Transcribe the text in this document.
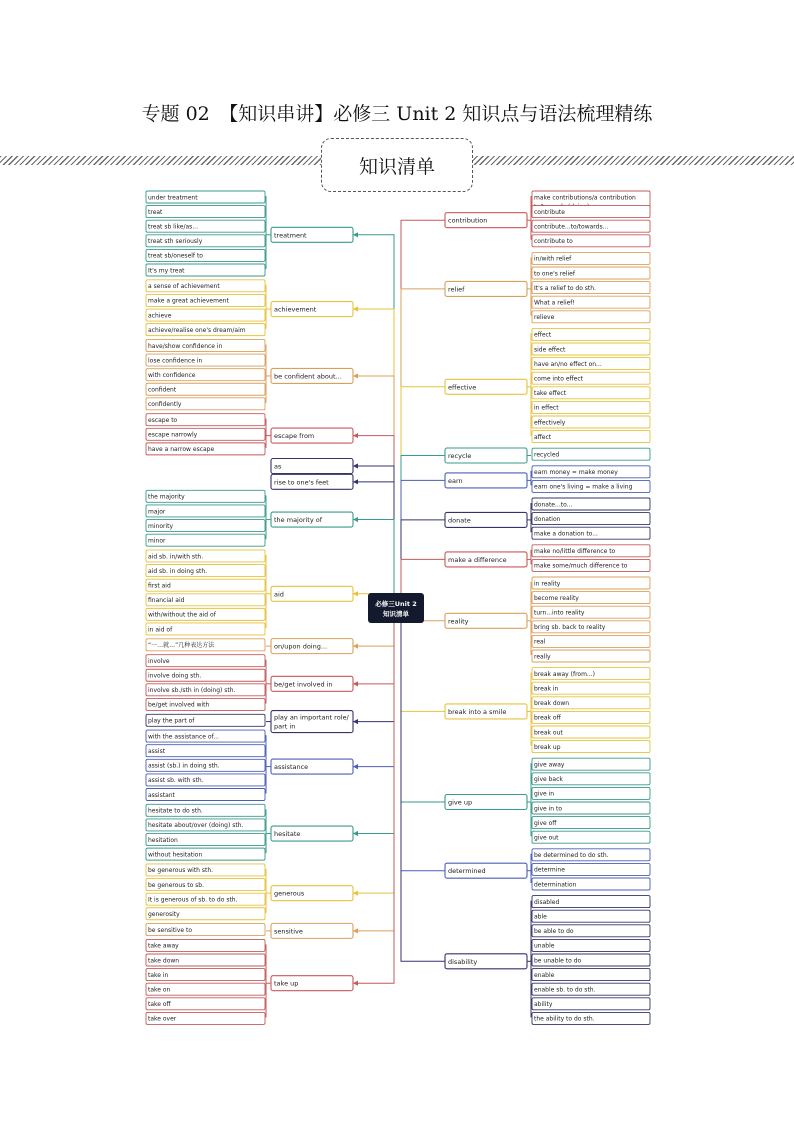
专题 02　【知识串讲】必修三 Unit 2 知识点与语法梳理精练
知识清单
treatment
under treatment
treat
treat sb like/as...
treat sth seriously
treat sb/oneself to
It's my treat
achievement
a sense of achievement
make a great achievement
achieve
achieve/realise one's dream/aim
be confident about...
have/show confidence in
lose confidence in
with confidence
confident
confidently
escape from
escape to
escape narrowly
have a narrow escape
as
rise to one's feet
the majority of
the majority
major
minority
minor
aid
aid sb. in/with sth.
aid sb. in doing sth.
first aid
financial aid
with/without the aid of
in aid of
on/upon doing...
“一…就…”几种表达方法
be/get involved in
involve
involve doing sth.
involve sb./sth in (doing) sth.
be/get involved with
play an important role/
part in
play the part of
assistance
with the assistance of...
assist
assist (sb.) in doing sth.
assist sb. with sth.
assistant
hesitate
hesitate to do sth.
hesitate about/over (doing) sth.
hesitation
without hesitation
generous
be generous with sth.
be generous to sb.
It is generous of sb. to do sth.
generosity
sensitive
be sensitive to
take up
take away
take down
take in
take on
take off
take over
contribution
make contributions/a contribution
contribute
contribute...to/towards...
contribute to
relief
in/with relief
to one's relief
It's a relief to do sth.
What a relief!
relieve
effective
effect
side effect
have an/no effect on...
come into effect
take effect
in effect
effectively
affect
recycle	recycled
earn
earn money = make money
earn one's living = make a living
donate
donate...to...
donation
make a donation to...
make a difference
make no/little difference to
make some/much difference to
reality
in reality
become reality
turn...into reality
bring sb. back to reality
real
really
break into a smile
break away (from...)
break in
break down
break off
break out
break up
give up
give away
give back
give in
give in to
give off
give out
determined
be determined to do sth.
determine
determination
disability
disabled
able
be able to do
unable
be unable to do
enable
enable sb. to do sth.
ability
the ability to do sth.
必修三Unit 2
知识清单
